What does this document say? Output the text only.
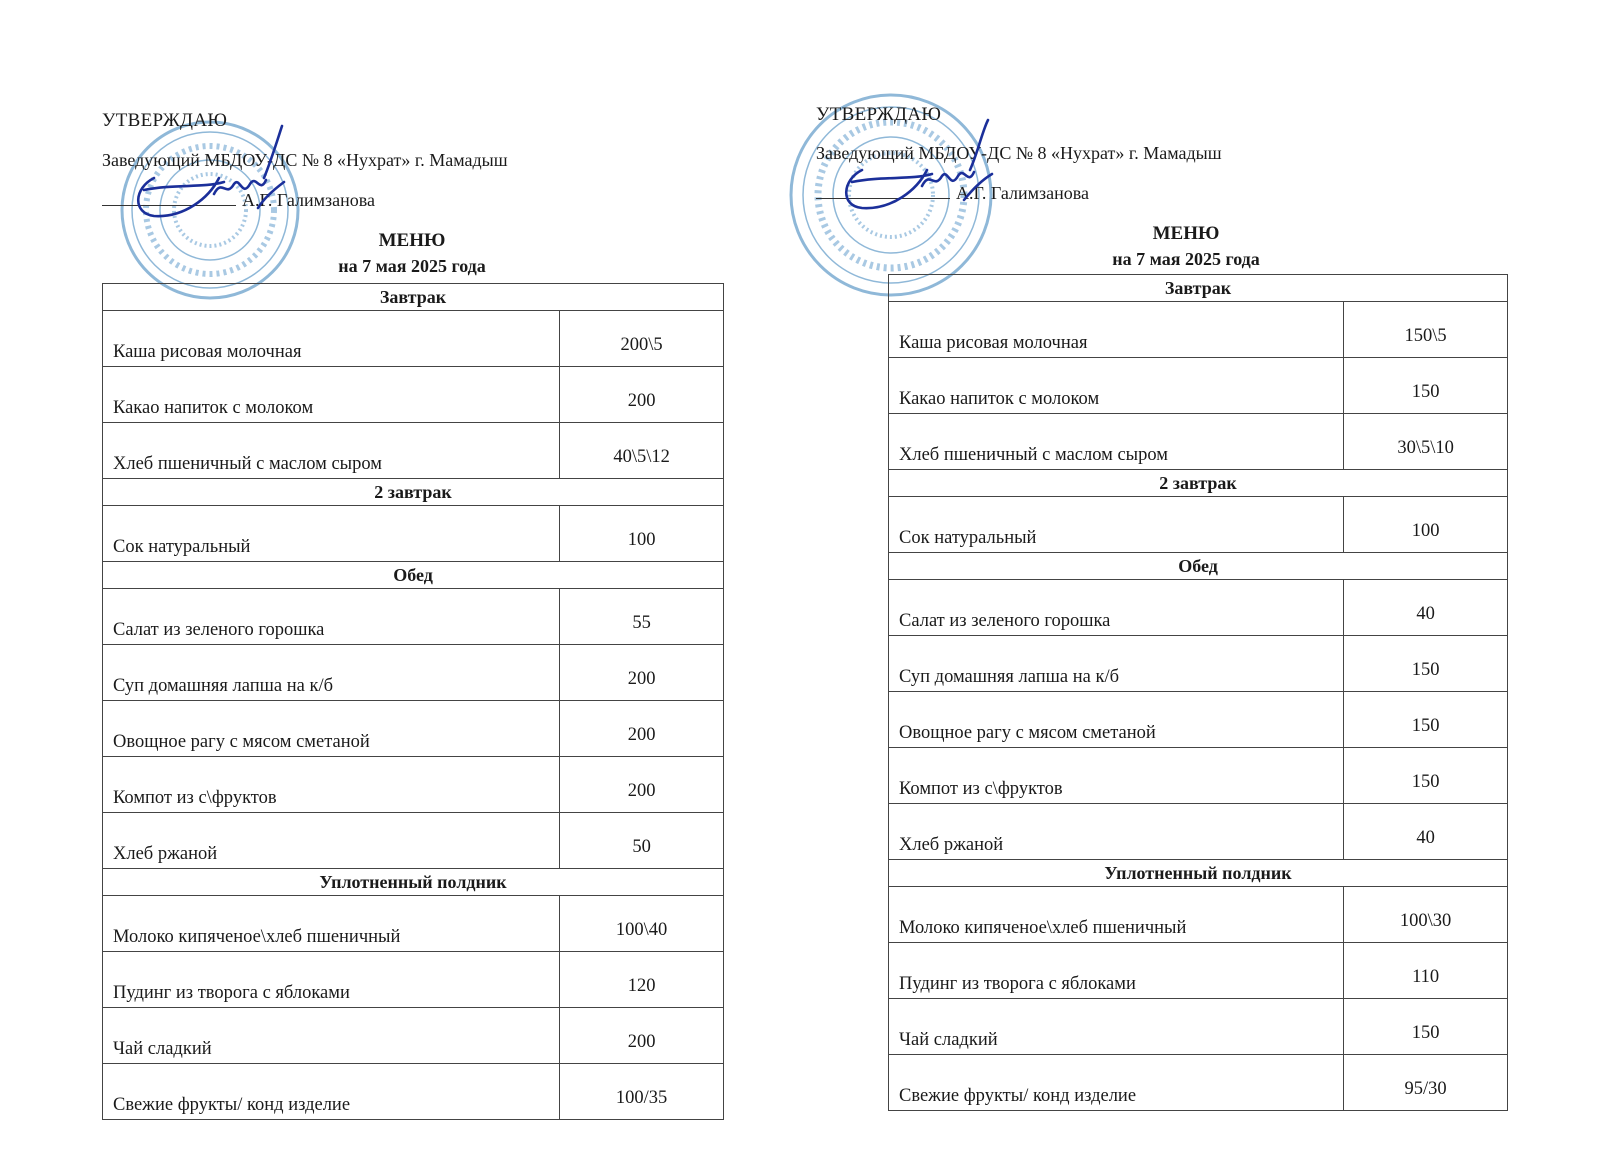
УТВЕРЖДАЮ
Заведующий МБДОУ-ДС № 8 «Нухрат» г. Мамадыш
А.Г. Галимзанова
МЕНЮ
на 7 мая 2025 года
Завтрак	
Каша рисовая молочная	200\5
Какао напиток с молоком	200
Хлеб пшеничный с маслом сыром	40\5\12
2 завтрак	
Сок натуральный	100
Обед	
Салат из зеленого горошка	55
Суп домашняя лапша на к/б	200
Овощное рагу с мясом сметаной	200
Компот из с\фруктов	200
Хлеб ржаной	50
Уплотненный полдник	
Молоко кипяченое\хлеб пшеничный	100\40
Пудинг из творога с яблоками	120
Чай сладкий	200
Свежие фрукты/ конд изделие	100/35
УТВЕРЖДАЮ
Заведующий МБДОУ-ДС № 8 «Нухрат» г. Мамадыш
А.Г. Галимзанова
МЕНЮ
на 7 мая 2025 года
Завтрак	
Каша рисовая молочная	150\5
Какао напиток с молоком	150
Хлеб пшеничный с маслом сыром	30\5\10
2 завтрак	
Сок натуральный	100
Обед	
Салат из зеленого горошка	40
Суп домашняя лапша на к/б	150
Овощное рагу с мясом сметаной	150
Компот из с\фруктов	150
Хлеб ржаной	40
Уплотненный полдник	
Молоко кипяченое\хлеб пшеничный	100\30
Пудинг из творога с яблоками	110
Чай сладкий	150
Свежие фрукты/ конд изделие	95/30
